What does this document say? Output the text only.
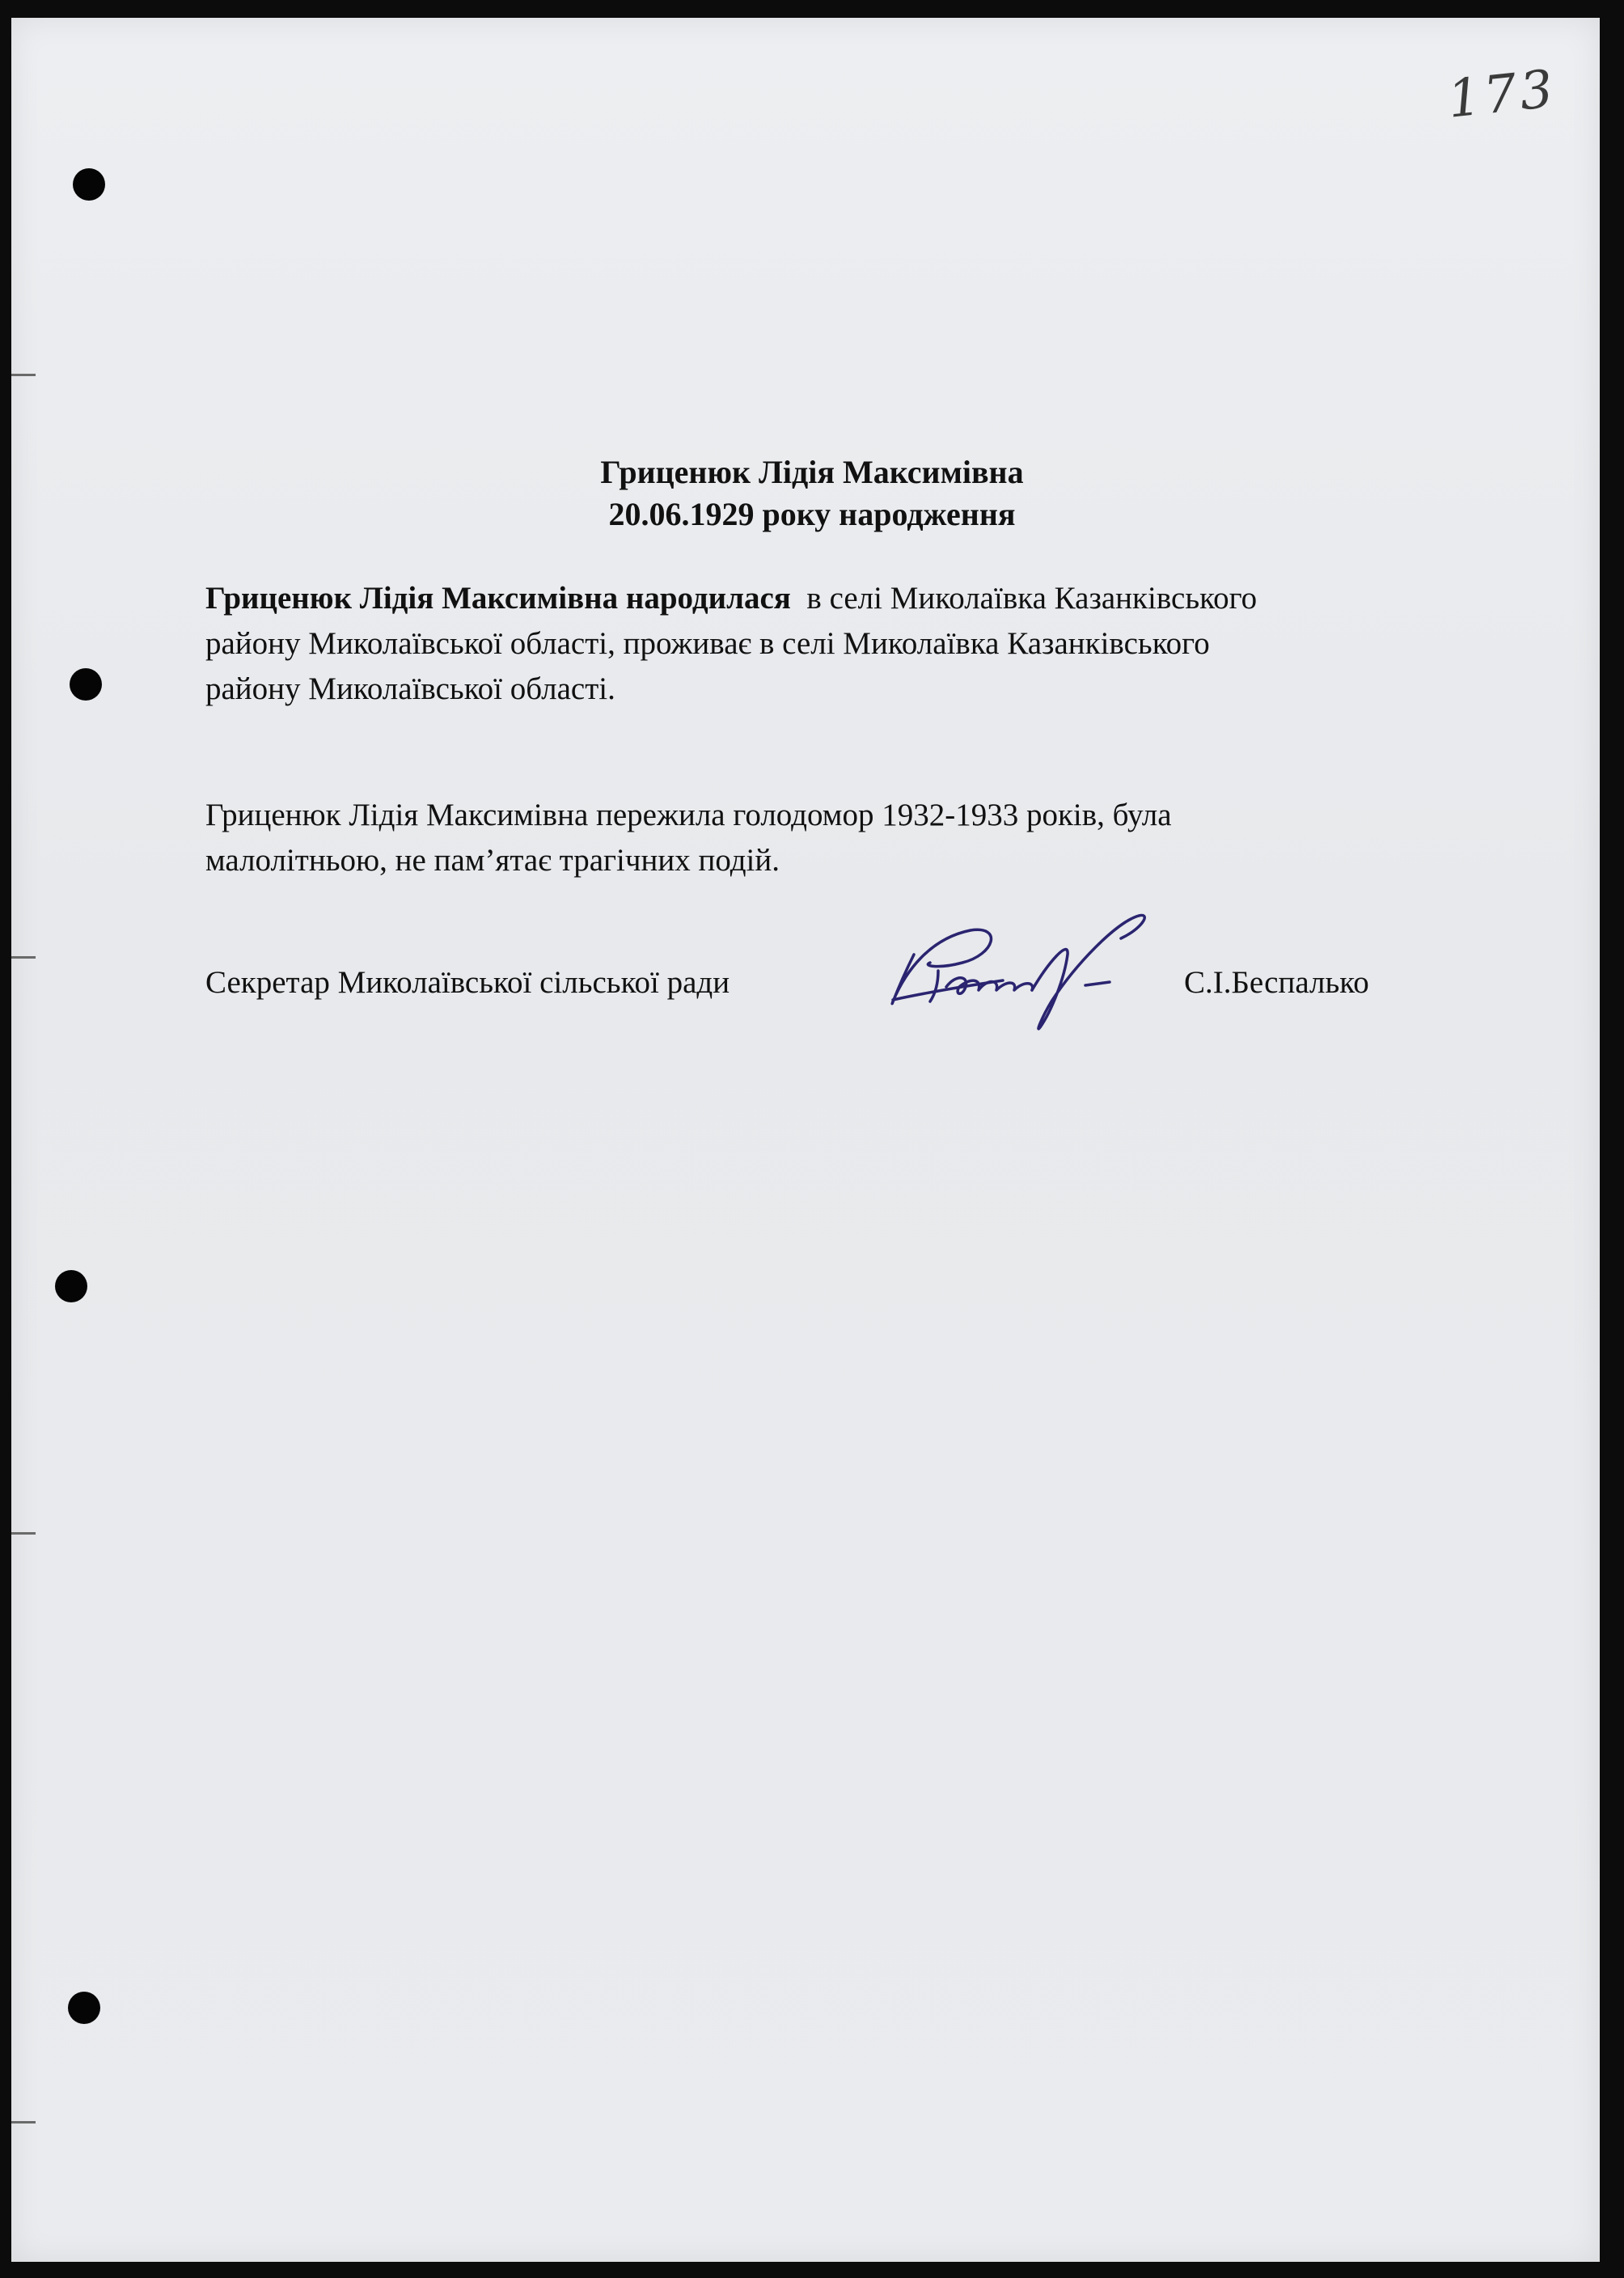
173
Гриценюк Лідія Максимівна
20.06.1929 року народження
Гриценюк Лідія Максимівна народилася в селі Миколаївка Казанківського
району Миколаївської області, проживає в селі Миколаївка Казанківського
району Миколаївської області.
Гриценюк Лідія Максимівна пережила голодомор 1932-1933 років, була
малолітньою, не пам’ятає трагічних подій.
Секретар Миколаївської сільської ради	С.І.Беспалько
